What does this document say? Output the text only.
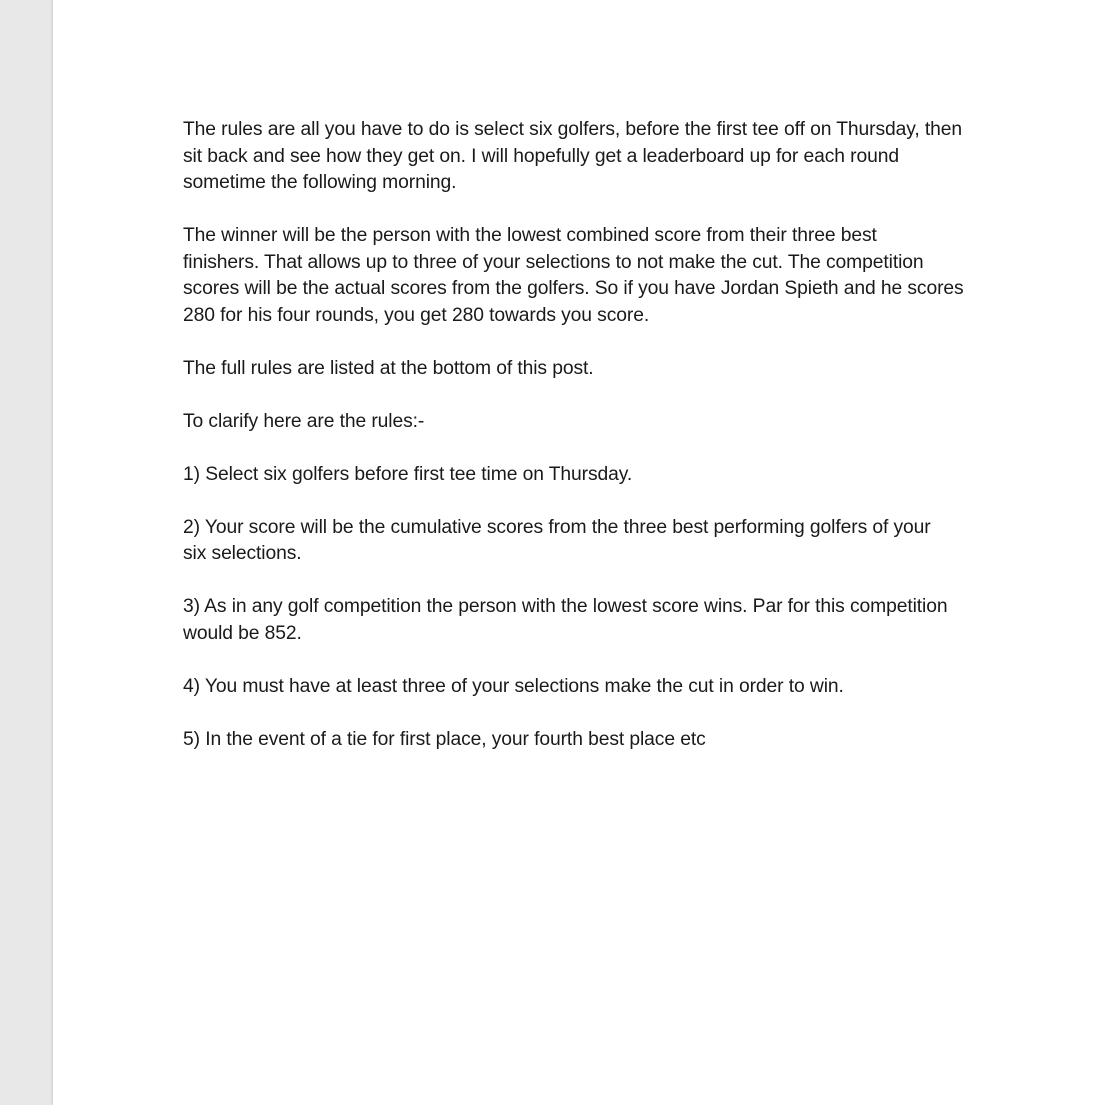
The rules are all you have to do is select six golfers, before the first tee off on Thursday, then
sit back and see how they get on. I will hopefully get a leaderboard up for each round
sometime the following morning.

The winner will be the person with the lowest combined score from their three best
finishers. That allows up to three of your selections to not make the cut. The competition
scores will be the actual scores from the golfers. So if you have Jordan Spieth and he scores
280 for his four rounds, you get 280 towards you score.

The full rules are listed at the bottom of this post.

To clarify here are the rules:-

1) Select six golfers before first tee time on Thursday.

2) Your score will be the cumulative scores from the three best performing golfers of your
six selections.

3) As in any golf competition the person with the lowest score wins. Par for this competition
would be 852.

4) You must have at least three of your selections make the cut in order to win.

5) In the event of a tie for first place, your fourth best place etc
